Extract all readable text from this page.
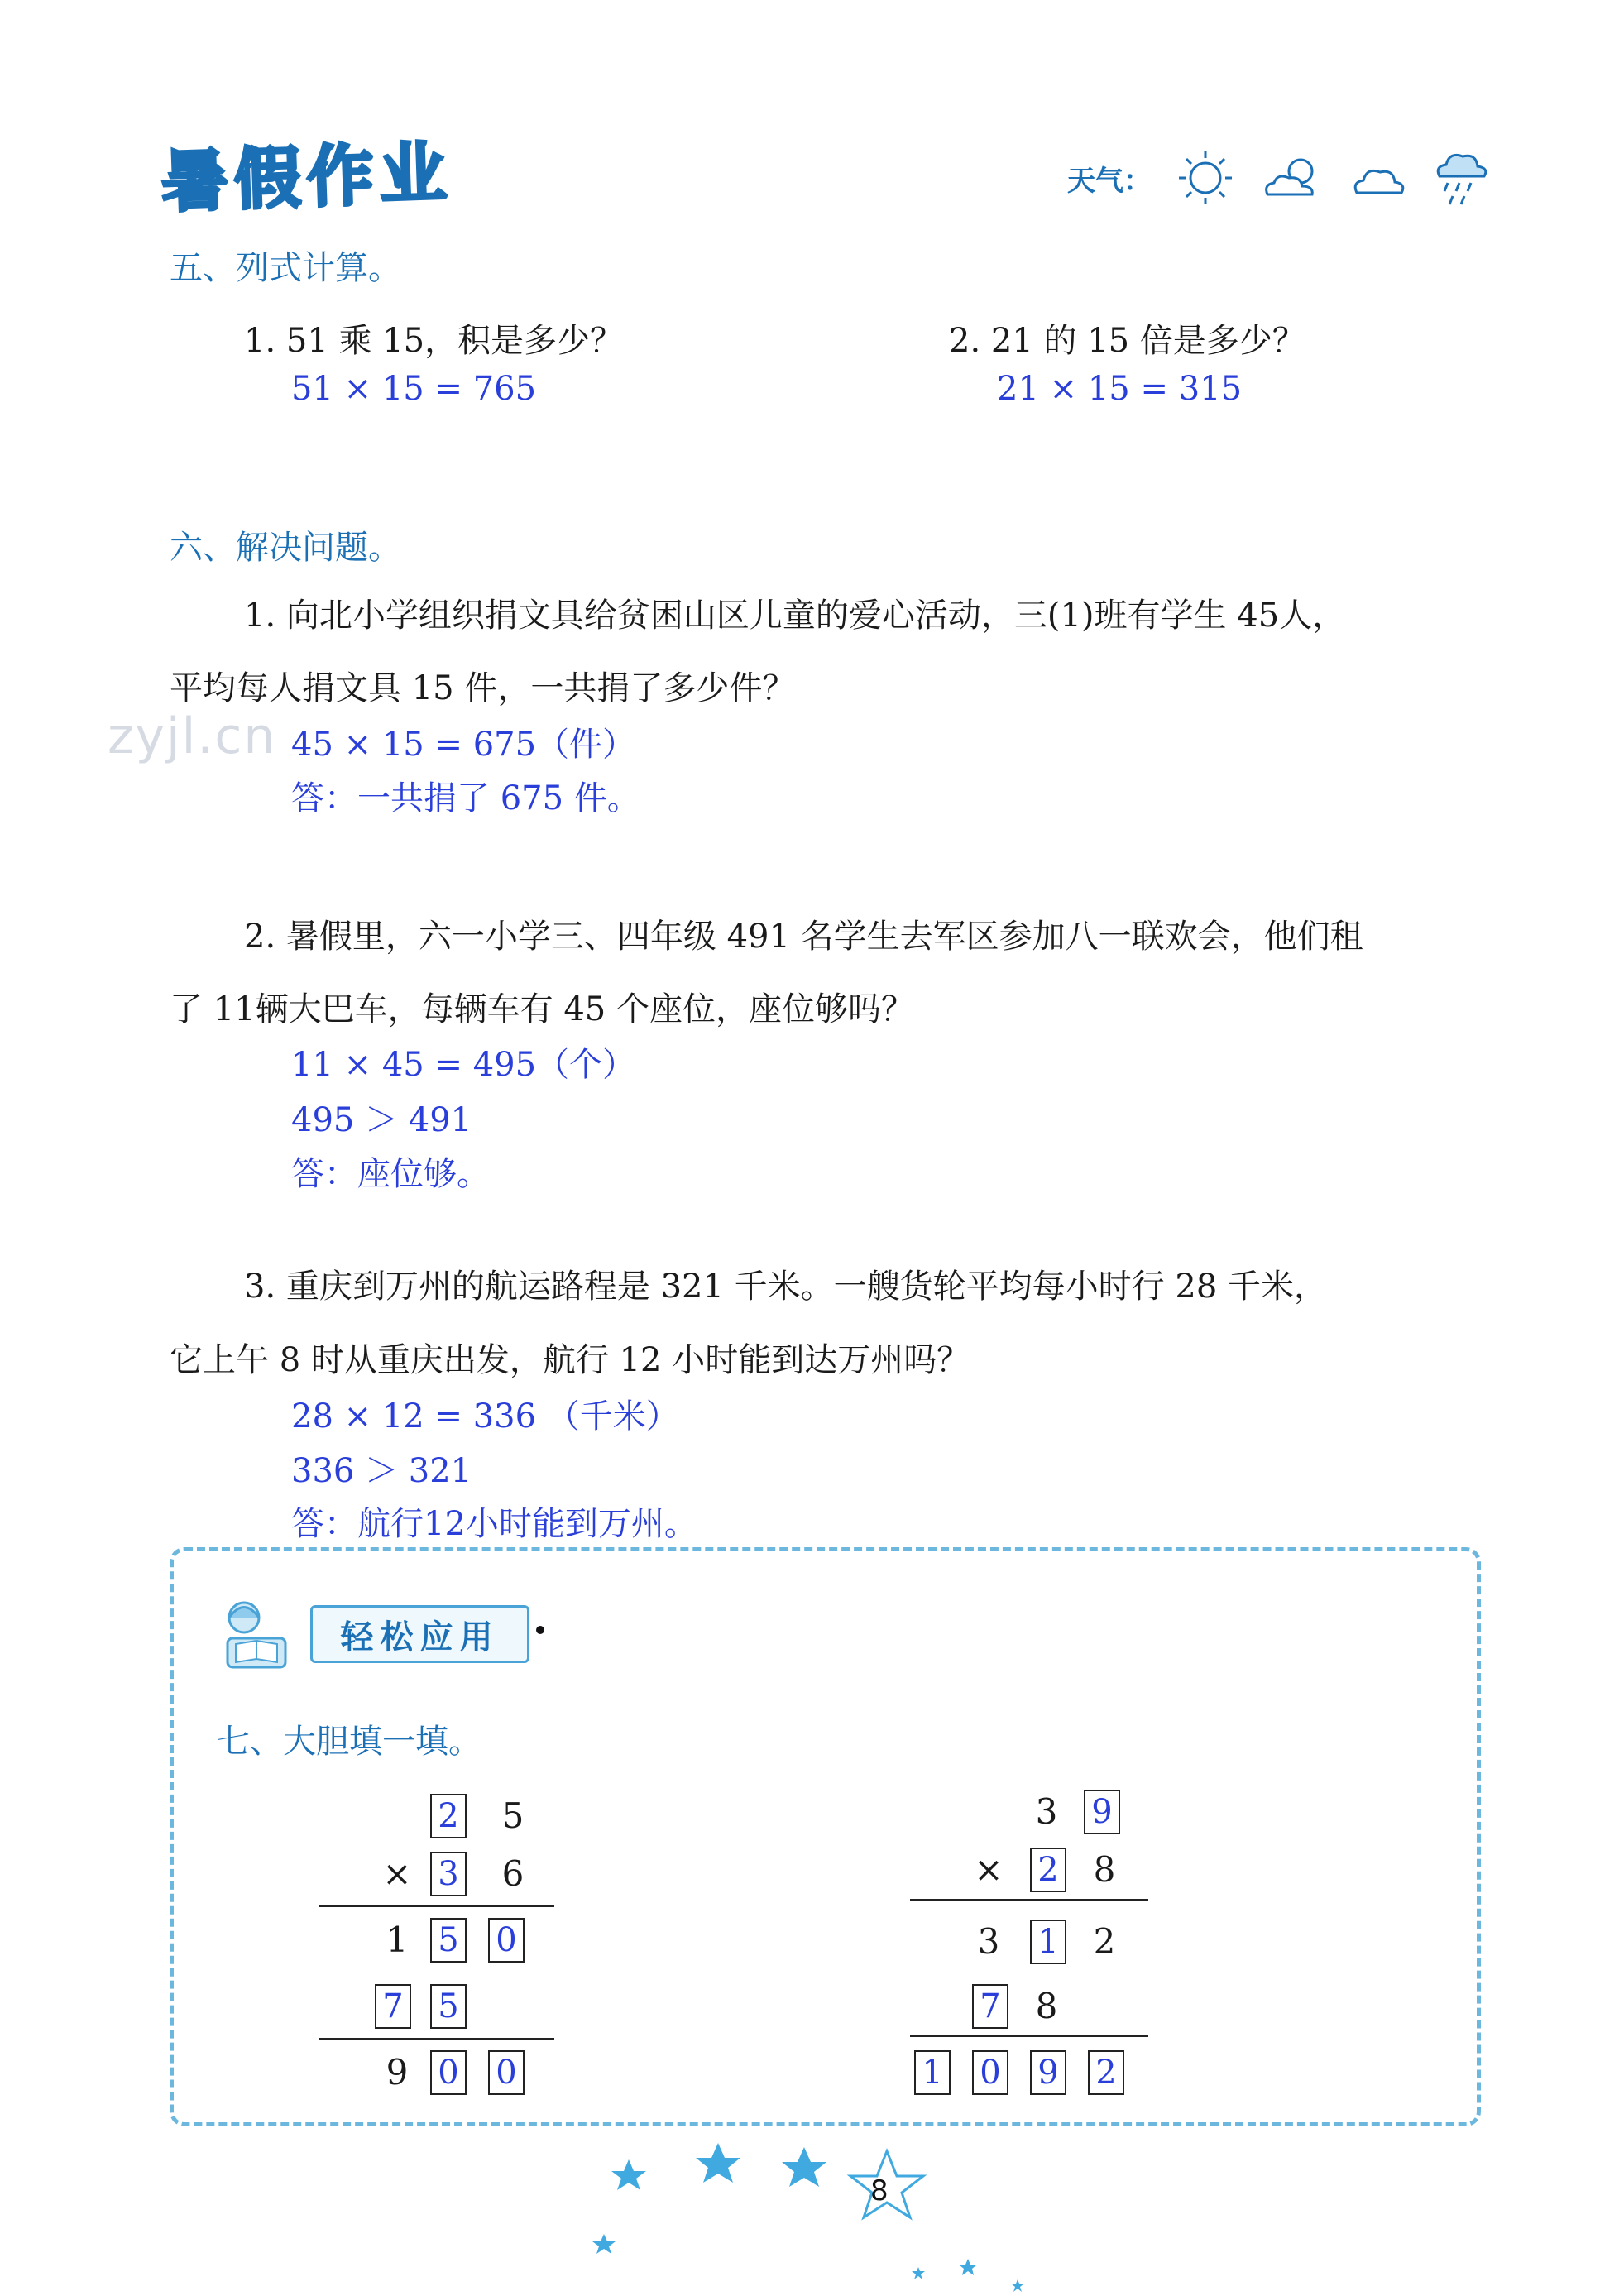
暑假作业	天气：
五、列式计算。
1. 51 乘 15，积是多少？
51 × 15 = 765
2. 21 的 15 倍是多少？
21 × 15 = 315
zyjl.cn
六、解决问题。
1. 向北小学组织捐文具给贫困山区儿童的爱心活动，三(1)班有学生 45人，
平均每人捐文具 15 件，一共捐了多少件？
45 × 15 = 675（件）
答：一共捐了 675 件。
2. 暑假里，六一小学三、四年级 491 名学生去军区参加八一联欢会，他们租
了 11辆大巴车，每辆车有 45 个座位，座位够吗？
11 × 45 = 495（个）
495 ＞ 491
答：座位够。
3. 重庆到万州的航运路程是 321 千米。一艘货轮平均每小时行 28 千米，
它上午 8 时从重庆出发，航行 12 小时能到达万州吗？
28 × 12 = 336 （千米）
336 ＞ 321
答：航行12小时能到万州。
轻松应用
七、大胆填一填。
2 5
× 3 6
1 5 0
7 5
9 0 0
3 9
× 2 8
3 1 2
7 8
1 0 9 2
8
